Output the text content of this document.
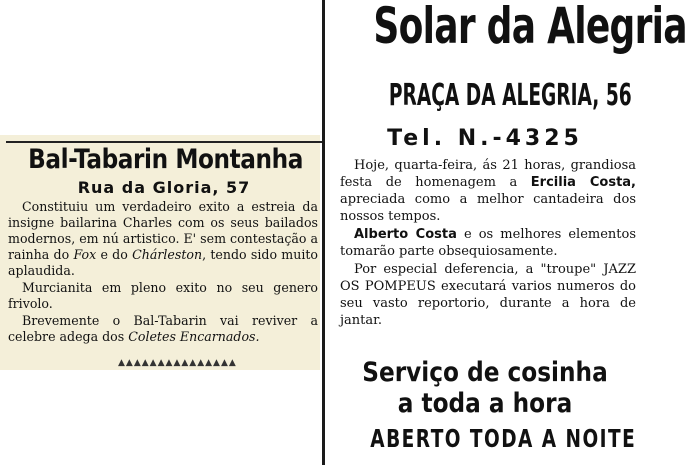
Bal-Tabarin Montanha
Rua da Gloria, 57

Constituiu um verdadeiro exito a estreia da insigne bailarina Charles com os seus bailados modernos, em nú artistico. E' sem contestação a rainha do Fox e do Chárleston, tendo sido muito aplaudida.

Murcianita em pleno exito no seu genero frivolo.

Brevemente o Bal-Tabarin vai reviver a celebre adega dos Coletes Encarnados.

▲▲▲▲▲▲▲▲▲▲▲▲▲▲▲
Solar da Alegria
PRAÇA DA ALEGRIA, 56
Tel. N.-4325

Hoje, quarta-feira, ás 21 horas, grandiosa festa de homenagem a Ercilia Costa, apreciada como a melhor cantadeira dos nossos tempos.

Alberto Costa e os melhores elementos tomarão parte obsequiosamente.

Por especial deferencia, a "troupe" JAZZ OS POMPEUS executará varios numeros do seu vasto reportorio, durante a hora de jantar.

Serviço de cosinha
a toda a hora
ABERTO TODA A NOITE
